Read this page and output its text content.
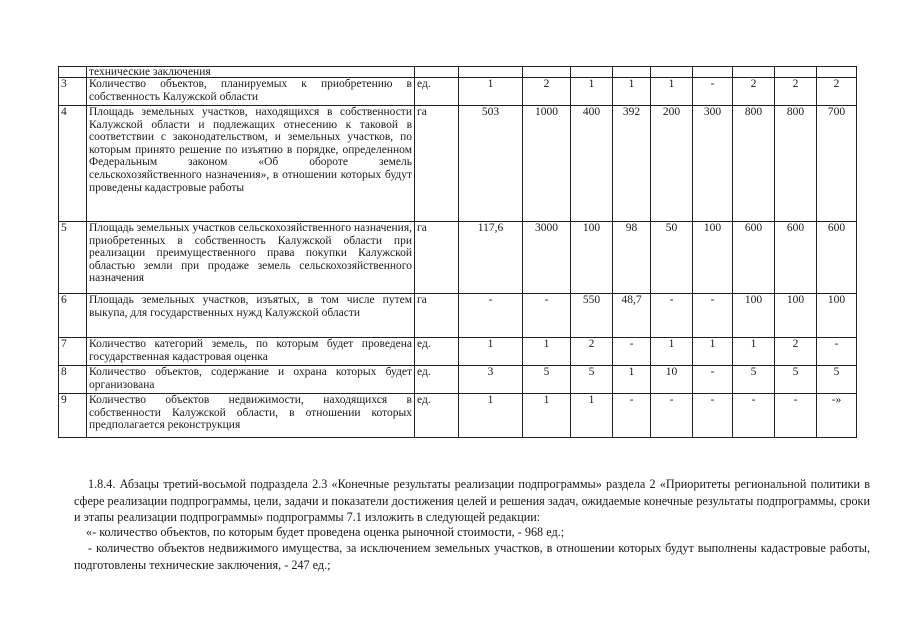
	технические заключения										
3	Количество объектов, планируемых к приобретению в собственность Калужской области	ед.	1	2	1	1	1	-	2	2	2
4	Площадь земельных участков, находящихся в собственности Калужской области и подлежащих отнесению к таковой в соответствии с законодательством, и земельных участков, по которым принято решение по изъятию в порядке, определенном Федеральным законом «Об обороте земель сельскохозяйственного назначения», в отношении которых будут проведены кадастровые работы	га	503	1000	400	392	200	300	800	800	700
5	Площадь земельных участков сельскохозяйственного назначения, приобретенных в собственность Калужской области при реализации преимущественного права покупки Калужской областью земли при продаже земель сельскохозяйственного назначения	га	117,6	3000	100	98	50	100	600	600	600
6	Площадь земельных участков, изъятых, в том числе путем выкупа, для государственных нужд Калужской области	га	-	-	550	48,7	-	-	100	100	100
7	Количество категорий земель, по которым будет проведена государственная кадастровая оценка	ед.	1	1	2	-	1	1	1	2	-
8	Количество объектов, содержание и охрана которых будет организована	ед.	3	5	5	1	10	-	5	5	5
9	Количество объектов недвижимости, находящихся в собственности Калужской области, в отношении которых предполагается реконструкция	ед.	1	1	1	-	-	-	-	-	-»
1.8.4. Абзацы третий-восьмой подраздела 2.3 «Конечные результаты реализации подпрограммы» раздела 2 «Приоритеты региональной политики в сфере реализации подпрограммы, цели, задачи и показатели достижения целей и решения задач, ожидаемые конечные результаты подпрограммы, сроки и этапы реализации подпрограммы» подпрограммы 7.1 изложить в следующей редакции:
«- количество объектов, по которым будет проведена оценка рыночной стоимости, - 968 ед.;
- количество объектов недвижимого имущества, за исключением земельных участков, в отношении которых будут выполнены кадастровые работы, подготовлены технические заключения, - 247 ед.;
